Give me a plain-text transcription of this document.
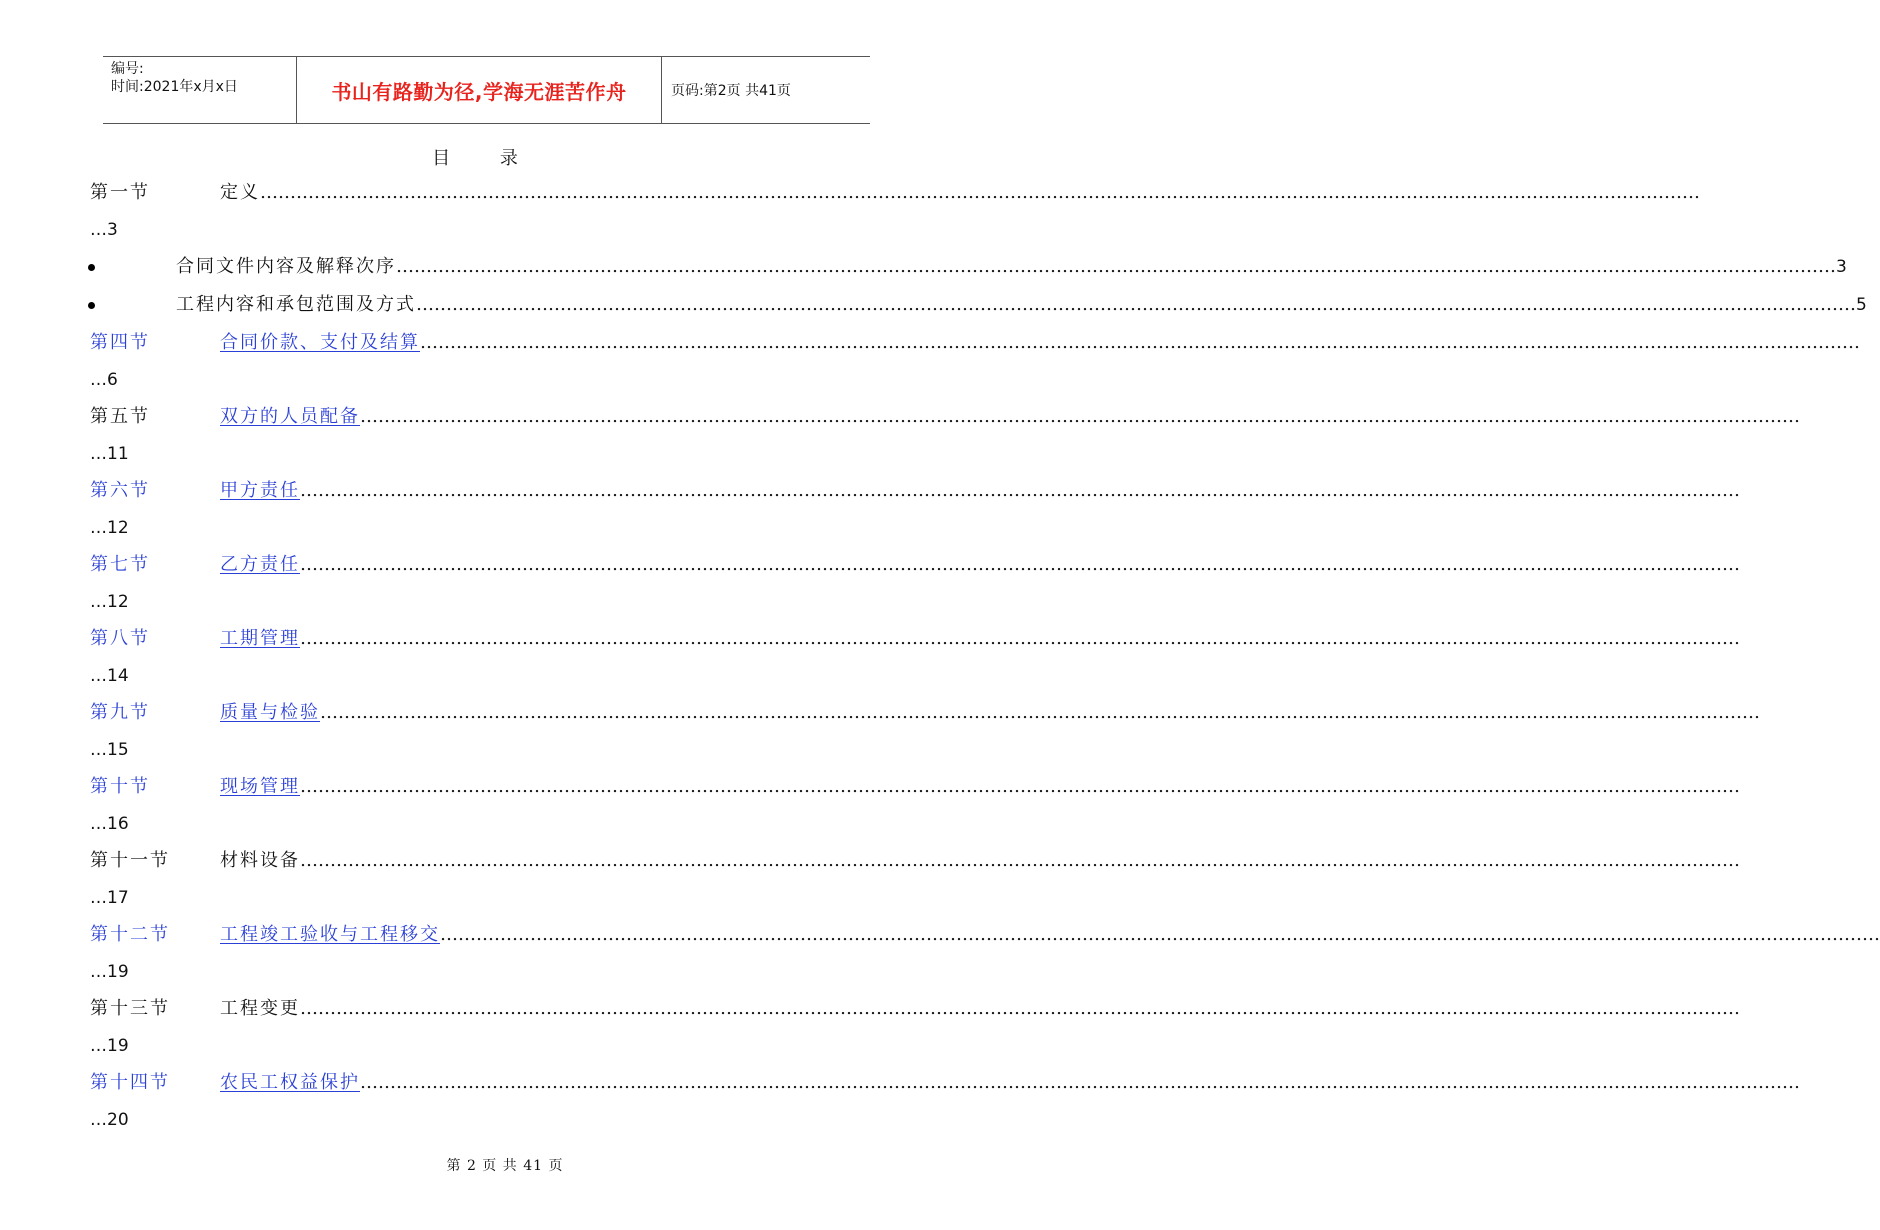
编号:
时间:2021年x月x日	书山有路勤为径,学海无涯苦作舟	页码:第2页 共41页
目 录
第一节	定义……………………………………………………………………………………………………………………………………………………………………………………………………………………
…3
合同文件内容及解释次序 …………………………………………………………………………………………………………………………………………………………………………………………………………………… 3
工程内容和承包范围及方式 …………………………………………………………………………………………………………………………………………………………………………………………………………………… 5
第四节	合同价款、支付及结算……………………………………………………………………………………………………………………………………………………………………………………………………………………
…6
第五节	双方的人员配备……………………………………………………………………………………………………………………………………………………………………………………………………………………
…11
第六节	甲方责任……………………………………………………………………………………………………………………………………………………………………………………………………………………
…12
第七节	乙方责任……………………………………………………………………………………………………………………………………………………………………………………………………………………
…12
第八节	工期管理……………………………………………………………………………………………………………………………………………………………………………………………………………………
…14
第九节	质量与检验……………………………………………………………………………………………………………………………………………………………………………………………………………………
…15
第十节	现场管理……………………………………………………………………………………………………………………………………………………………………………………………………………………
…16
第十一节	材料设备……………………………………………………………………………………………………………………………………………………………………………………………………………………
…17
第十二节	工程竣工验收与工程移交……………………………………………………………………………………………………………………………………………………………………………………………………………………
…19
第十三节	工程变更……………………………………………………………………………………………………………………………………………………………………………………………………………………
…19
第十四节	农民工权益保护……………………………………………………………………………………………………………………………………………………………………………………………………………………
…20
第 2 页 共 41 页
